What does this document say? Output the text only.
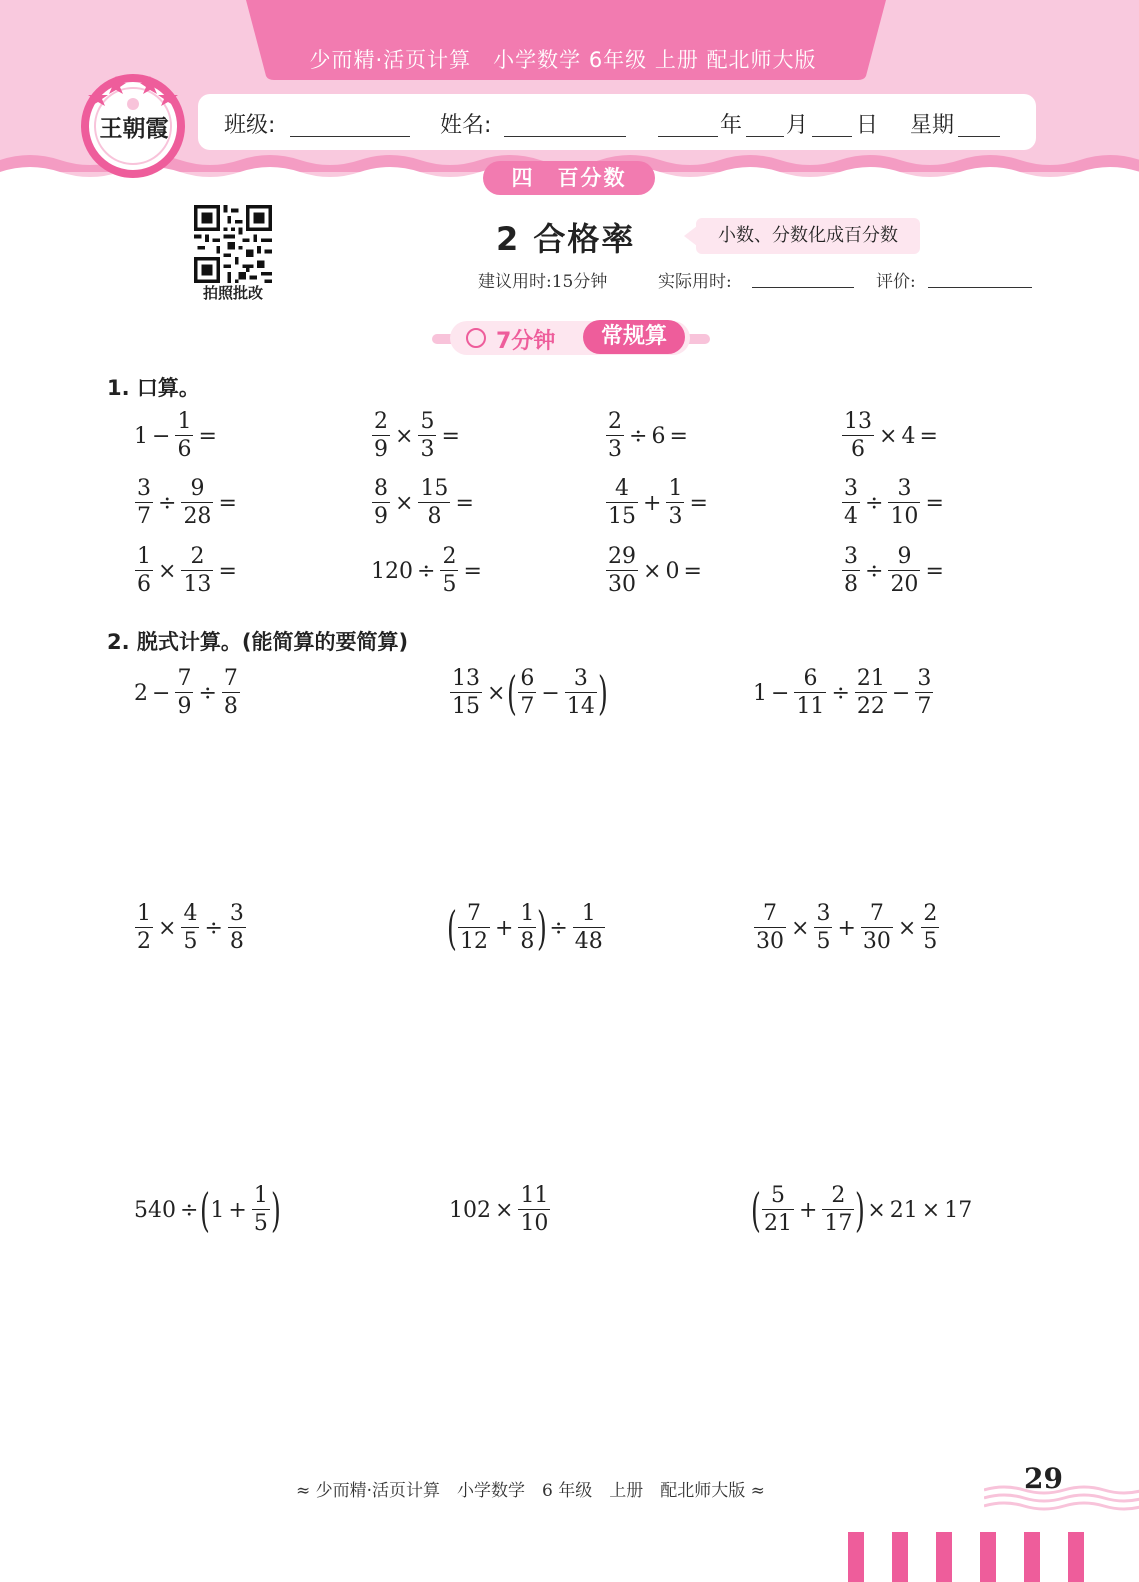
少而精·活页计算　小学数学 6年级 上册 配北师大版
王朝霞	班级:	姓名:	年 月 日 星期
四　百分数
拍照批改
2 合格率	小数、分数化成百分数
建议用时:15分钟	实际用时:	评价:
7分钟	常规算
1. 口算。
$1 - \frac{1}{6}$ =	$\frac{2}{9} \times \frac{5}{3}$ =	$\frac{2}{3} \div 6$ =	$\frac{13}{6} \times 4$ =
$\frac{3}{7} \div \frac{9}{28}$ =	$\frac{8}{9} \times \frac{15}{8}$ =	$\frac{4}{15} + \frac{1}{3}$ =	$\frac{3}{4} \div \frac{3}{10}$ =
$\frac{1}{6} \times \frac{2}{13}$ =	$120 \div \frac{2}{5}$ =	$\frac{29}{30} \times 0$ =	$\frac{3}{8} \div \frac{9}{20}$ =
2. 脱式计算。(能简算的要简算)
$2 - \frac{7}{9} \div \frac{7}{8}$	$\frac{13}{15}$ × ( $\frac{6}{7} - \frac{3}{14}$ )	$1 - \frac{6}{11} \div \frac{21}{22} - \frac{3}{7}$
$\frac{1}{2} \times \frac{4}{5} \div \frac{3}{8}$	( $\frac{7}{12} + \frac{1}{8}$ ) ÷ $\frac{1}{48}$	$\frac{7}{30} \times \frac{3}{5} + \frac{7}{30} \times \frac{2}{5}$
540 ÷ ( $1 + \frac{1}{5}$ )	$102 \times \frac{11}{10}$	( $\frac{5}{21} + \frac{2}{17}$ ) × 21 × 17
≈ 少而精·活页计算　小学数学　6 年级　上册　配北师大版 ≈	29
